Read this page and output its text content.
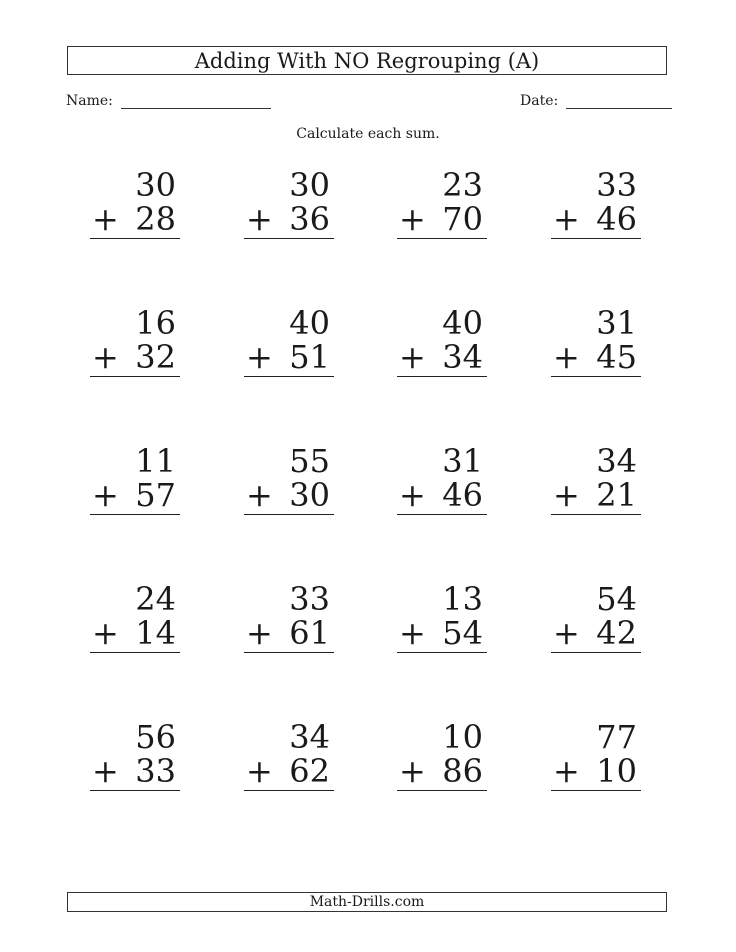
Adding With NO Regrouping (A)
Name:	Date:
Calculate each sum.
30
+ 28
30
+ 36
23
+ 70
33
+ 46
16
+ 32
40
+ 51
40
+ 34
31
+ 45
11
+ 57
55
+ 30
31
+ 46
34
+ 21
24
+ 14
33
+ 61
13
+ 54
54
+ 42
56
+ 33
34
+ 62
10
+ 86
77
+ 10
Math-Drills.com
